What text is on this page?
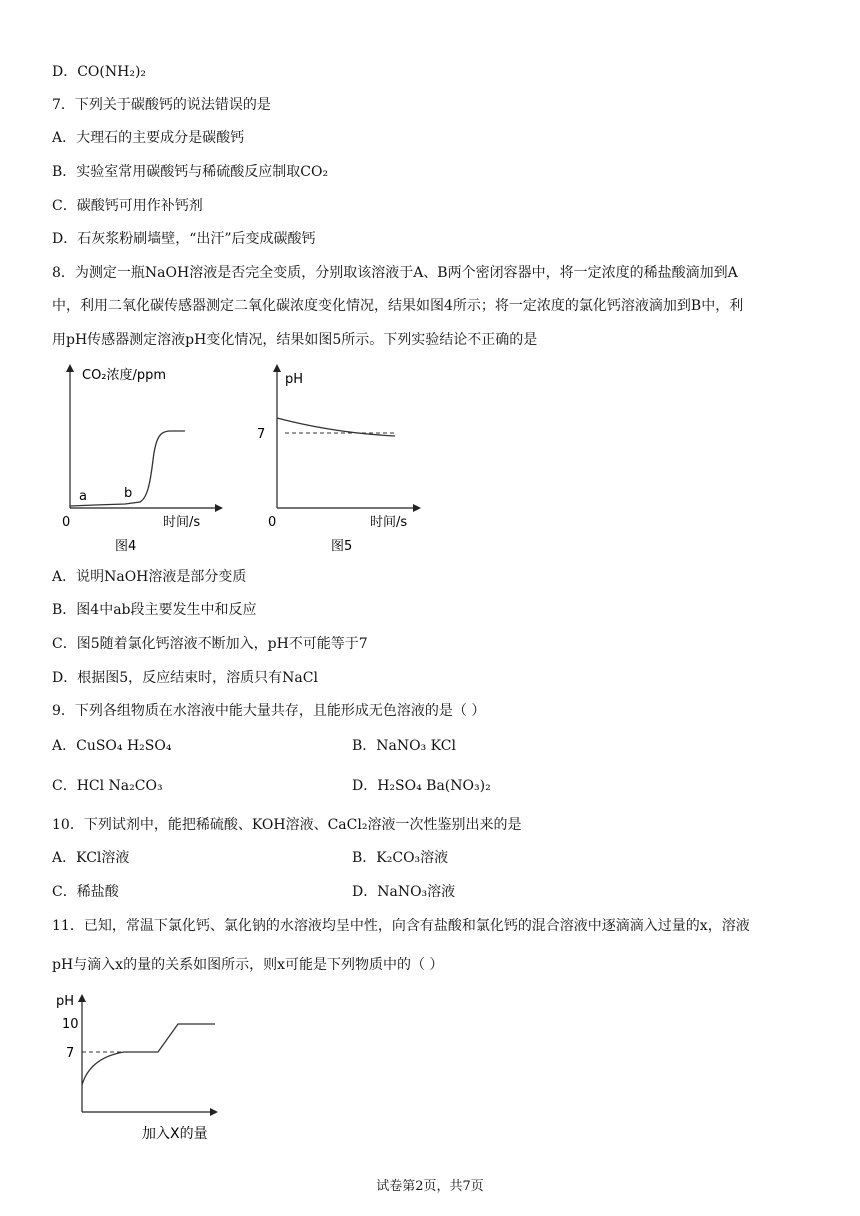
D．CO(NH₂)₂
7．下列关于碳酸钙的说法错误的是
A．大理石的主要成分是碳酸钙
B．实验室常用碳酸钙与稀硫酸反应制取CO₂
C．碳酸钙可用作补钙剂
D．石灰浆粉刷墙壁，“出汗”后变成碳酸钙
8．为测定一瓶NaOH溶液是否完全变质，分别取该溶液于A、B两个密闭容器中，将一定浓度的稀盐酸滴加到A
中，利用二氧化碳传感器测定二氧化碳浓度变化情况，结果如图4所示；将一定浓度的氯化钙溶液滴加到B中，利
用pH传感器测定溶液pH变化情况，结果如图5所示。下列实验结论不正确的是
CO₂浓度/ppm
a	b
0	时间/s
图4
pH
7
0	时间/s
图5
A．说明NaOH溶液是部分变质
B．图4中ab段主要发生中和反应
C．图5随着氯化钙溶液不断加入，pH不可能等于7
D．根据图5，反应结束时，溶质只有NaCl
9．下列各组物质在水溶液中能大量共存，且能形成无色溶液的是（ ）
A．CuSO₄ H₂SO₄	B．NaNO₃ KCl
C．HCl Na₂CO₃	D．H₂SO₄ Ba(NO₃)₂
10．下列试剂中，能把稀硫酸、KOH溶液、CaCl₂溶液一次性鉴别出来的是
A．KCl溶液	B．K₂CO₃溶液
C．稀盐酸	D．NaNO₃溶液
11．已知，常温下氯化钙、氯化钠的水溶液均呈中性，向含有盐酸和氯化钙的混合溶液中逐滴滴入过量的x，溶液
pH与滴入x的量的关系如图所示，则x可能是下列物质中的（ ）
pH
10
7
加入X的量
试卷第2页，共7页
